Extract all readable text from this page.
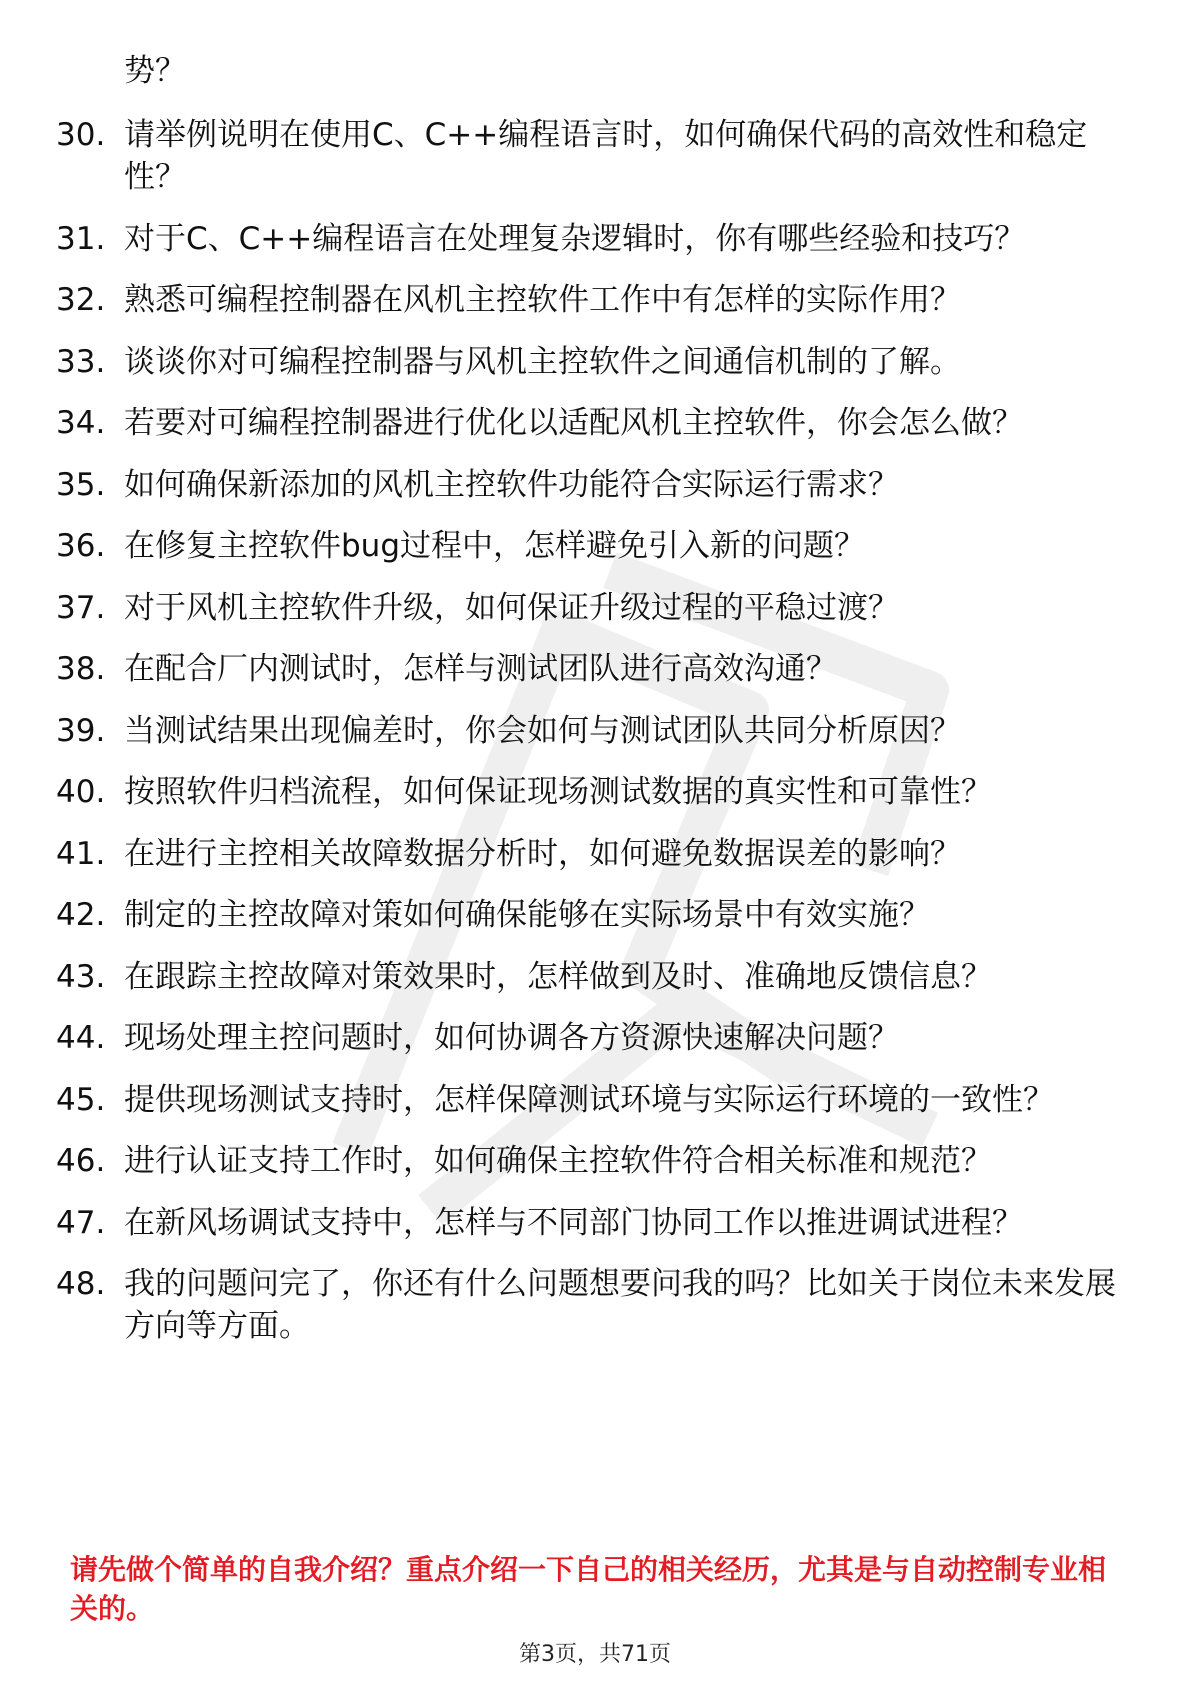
势？
30. 请举例说明在使用C、C++编程语言时，如何确保代码的高效性和稳定性？
31. 对于C、C++编程语言在处理复杂逻辑时，你有哪些经验和技巧？
32. 熟悉可编程控制器在风机主控软件工作中有怎样的实际作用？
33. 谈谈你对可编程控制器与风机主控软件之间通信机制的了解。
34. 若要对可编程控制器进行优化以适配风机主控软件，你会怎么做？
35. 如何确保新添加的风机主控软件功能符合实际运行需求？
36. 在修复主控软件bug过程中，怎样避免引入新的问题？
37. 对于风机主控软件升级，如何保证升级过程的平稳过渡？
38. 在配合厂内测试时，怎样与测试团队进行高效沟通？
39. 当测试结果出现偏差时，你会如何与测试团队共同分析原因？
40. 按照软件归档流程，如何保证现场测试数据的真实性和可靠性？
41. 在进行主控相关故障数据分析时，如何避免数据误差的影响？
42. 制定的主控故障对策如何确保能够在实际场景中有效实施？
43. 在跟踪主控故障对策效果时，怎样做到及时、准确地反馈信息？
44. 现场处理主控问题时，如何协调各方资源快速解决问题？
45. 提供现场测试支持时，怎样保障测试环境与实际运行环境的一致性？
46. 进行认证支持工作时，如何确保主控软件符合相关标准和规范？
47. 在新风场调试支持中，怎样与不同部门协同工作以推进调试进程？
48. 我的问题问完了，你还有什么问题想要问我的吗？比如关于岗位未来发展方向等方面。
请先做个简单的自我介绍？重点介绍一下自己的相关经历，尤其是与自动控制专业相关的。
第3页，共71页
